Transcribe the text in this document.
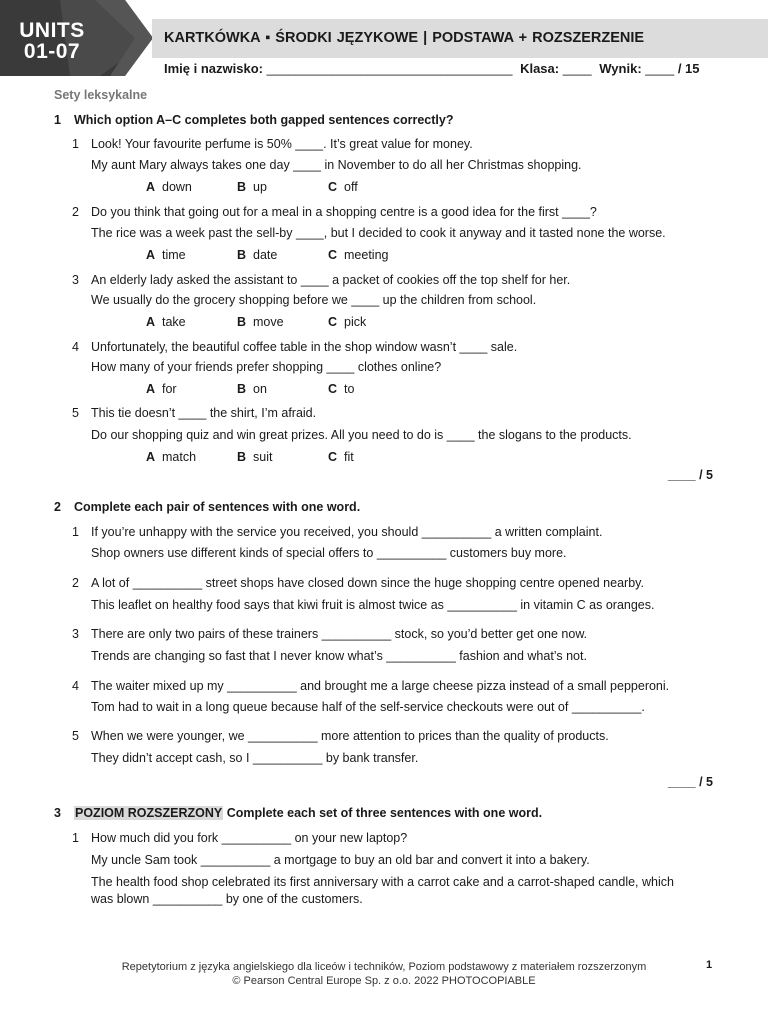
UNITS
01-07
KARTKÓWKA ▪ ŚRODKI JĘZYKOWE | PODSTAWA + ROZSZERZENIE
Imię i nazwisko: __________________________________ Klasa: ____ Wynik: ____ / 15
Sety leksykalne
1 Which option A–C completes both gapped sentences correctly?
1 Look! Your favourite perfume is 50% ____. It’s great value for money.
My aunt Mary always takes one day ____ in November to do all her Christmas shopping.
A down	B up	C off
2 Do you think that going out for a meal in a shopping centre is a good idea for the first ____?
The rice was a week past the sell-by ____, but I decided to cook it anyway and it tasted none the worse.
A time	B date	C meeting
3 An elderly lady asked the assistant to ____ a packet of cookies off the top shelf for her.
We usually do the grocery shopping before we ____ up the children from school.
A take	B move	C pick
4 Unfortunately, the beautiful coffee table in the shop window wasn’t ____ sale.
How many of your friends prefer shopping ____ clothes online?
A for	B on	C to
5 This tie doesn’t ____ the shirt, I’m afraid.
Do our shopping quiz and win great prizes. All you need to do is ____ the slogans to the products.
A match	B suit	C fit
____ / 5
2 Complete each pair of sentences with one word.
1 If you’re unhappy with the service you received, you should __________ a written complaint.
Shop owners use different kinds of special offers to __________ customers buy more.
2 A lot of __________ street shops have closed down since the huge shopping centre opened nearby.
This leaflet on healthy food says that kiwi fruit is almost twice as __________ in vitamin C as oranges.
3 There are only two pairs of these trainers __________ stock, so you’d better get one now.
Trends are changing so fast that I never know what’s __________ fashion and what’s not.
4 The waiter mixed up my __________ and brought me a large cheese pizza instead of a small pepperoni.
Tom had to wait in a long queue because half of the self-service checkouts were out of __________.
5 When we were younger, we __________ more attention to prices than the quality of products.
They didn’t accept cash, so I __________ by bank transfer.
____ / 5
3 POZIOM ROZSZERZONY Complete each set of three sentences with one word.
1 How much did you fork __________ on your new laptop?
My uncle Sam took __________ a mortgage to buy an old bar and convert it into a bakery.
The health food shop celebrated its first anniversary with a carrot cake and a carrot-shaped candle, which
was blown __________ by one of the customers.
Repetytorium z języka angielskiego dla liceów i techników, Poziom podstawowy z materiałem rozszerzonym
© Pearson Central Europe Sp. z o.o. 2022 PHOTOCOPIABLE
1
